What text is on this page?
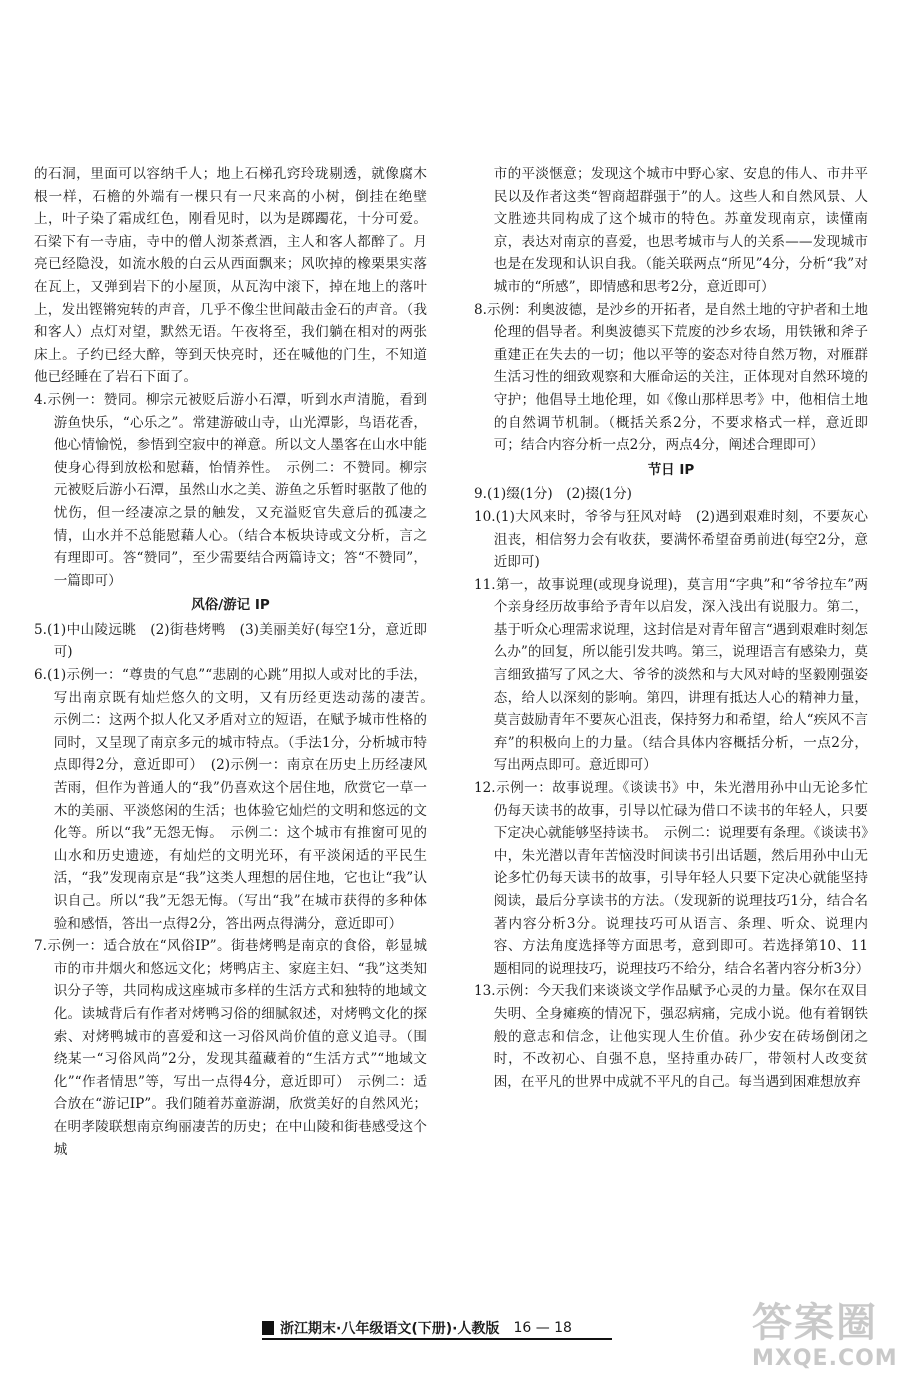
的石洞，里面可以容纳千人；地上石梯孔窍玲珑剔透，就像腐木根一样，石檐的外端有一棵只有一尺来高的小树，倒挂在绝壁上，叶子染了霜成红色，刚看见时，以为是踯躅花，十分可爱。石梁下有一寺庙，寺中的僧人沏茶煮酒，主人和客人都醉了。月亮已经隐没，如流水般的白云从西面飘来；风吹掉的橡栗果实落在瓦上，又弹到岩下的小屋顶，从瓦沟中滚下，掉在地上的落叶上，发出铿锵宛转的声音，几乎不像尘世间敲击金石的声音。（我和客人）点灯对望，默然无语。午夜将至，我们躺在相对的两张床上。子约已经大醉，等到天快亮时，还在喊他的门生，不知道他已经睡在了岩石下面了。

4.示例一：赞同。柳宗元被贬后游小石潭，听到水声清脆，看到游鱼快乐，“心乐之”。常建游破山寺，山光潭影，鸟语花香，他心情愉悦，参悟到空寂中的禅意。所以文人墨客在山水中能使身心得到放松和慰藉，怡情养性。　示例二：不赞同。柳宗元被贬后游小石潭，虽然山水之美、游鱼之乐暂时驱散了他的忧伤，但一经凄凉之景的触发，又充溢贬官失意后的孤凄之情，山水并不总能慰藉人心。（结合本板块诗或文分析，言之有理即可。答“赞同”，至少需要结合两篇诗文；答“不赞同”，一篇即可）

风俗/游记 IP

5.(1)中山陵远眺　(2)街巷烤鸭　(3)美丽美好(每空1分，意近即可)

6.(1)示例一：“尊贵的气息”“悲剧的心跳”用拟人或对比的手法，写出南京既有灿烂悠久的文明，又有历经更迭动荡的凄苦。　示例二：这两个拟人化又矛盾对立的短语，在赋予城市性格的同时，又呈现了南京多元的城市特点。（手法1分，分析城市特点即得2分，意近即可）　(2)示例一：南京在历史上历经凄风苦雨，但作为普通人的“我”仍喜欢这个居住地，欣赏它一草一木的美丽、平淡悠闲的生活；也体验它灿烂的文明和悠远的文化等。所以“我”无怨无悔。　示例二：这个城市有推窗可见的山水和历史遗迹，有灿烂的文明光环，有平淡闲适的平民生活，“我”发现南京是“我”这类人理想的居住地，它也让“我”认识自己。所以“我”无怨无悔。（写出“我”在城市获得的多种体验和感悟，答出一点得2分，答出两点得满分，意近即可）

7.示例一：适合放在“风俗IP”。街巷烤鸭是南京的食俗，彰显城市的市井烟火和悠远文化；烤鸭店主、家庭主妇、“我”这类知识分子等，共同构成这座城市多样的生活方式和独特的地域文化。读城背后有作者对烤鸭习俗的细腻叙述，对烤鸭文化的探索、对烤鸭城市的喜爱和这一习俗风尚价值的意义追寻。（围绕某一“习俗风尚”2分，发现其蕴藏着的“生活方式”“地域文化”“作者情思”等，写出一点得4分，意近即可）　示例二：适合放在“游记IP”。我们随着苏童游湖，欣赏美好的自然风光；在明孝陵联想南京绚丽凄苦的历史；在中山陵和街巷感受这个城

市的平淡惬意；发现这个城市中野心家、安息的伟人、市井平民以及作者这类“智商超群强于”的人。这些人和自然风景、人文胜迹共同构成了这个城市的特色。苏童发现南京，读懂南京，表达对南京的喜爱，也思考城市与人的关系——发现城市也是在发现和认识自我。（能关联两点“所见”4分，分析“我”对城市的“所感”，即情感和思考2分，意近即可）

8.示例：利奥波德，是沙乡的开拓者，是自然土地的守护者和土地伦理的倡导者。利奥波德买下荒废的沙乡农场，用铁锹和斧子重建正在失去的一切；他以平等的姿态对待自然万物，对雁群生活习性的细致观察和大雁命运的关注，正体现对自然环境的守护；他倡导土地伦理，如《像山那样思考》中，他相信土地的自然调节机制。（概括关系2分，不要求格式一样，意近即可；结合内容分析一点2分，两点4分，阐述合理即可）

节日 IP

9.(1)缀(1分)　(2)掇(1分)

10.(1)大风来时，爷爷与狂风对峙　(2)遇到艰难时刻，不要灰心沮丧，相信努力会有收获，要满怀希望奋勇前进(每空2分，意近即可)

11.第一，故事说理(或现身说理)，莫言用“字典”和“爷爷拉车”两个亲身经历故事给予青年以启发，深入浅出有说服力。第二，基于听众心理需求说理，这封信是对青年留言“遇到艰难时刻怎么办”的回复，所以能引发共鸣。第三，说理语言有感染力，莫言细致描写了风之大、爷爷的淡然和与大风对峙的坚毅刚强姿态，给人以深刻的影响。第四，讲理有抵达人心的精神力量，莫言鼓励青年不要灰心沮丧，保持努力和希望，给人“疾风不言弃”的积极向上的力量。（结合具体内容概括分析，一点2分，写出两点即可。意近即可）

12.示例一：故事说理。《谈读书》中，朱光潜用孙中山无论多忙仍每天读书的故事，引导以忙碌为借口不读书的年轻人，只要下定决心就能够坚持读书。　示例二：说理要有条理。《谈读书》中，朱光潜以青年苦恼没时间读书引出话题，然后用孙中山无论多忙仍每天读书的故事，引导年轻人只要下定决心就能坚持阅读，最后分享读书的方法。（发现新的说理技巧1分，结合名著内容分析3分。说理技巧可从语言、条理、听众、说理内容、方法角度选择等方面思考，意到即可。若选择第10、11题相同的说理技巧，说理技巧不给分，结合名著内容分析3分）

13.示例：今天我们来谈谈文学作品赋予心灵的力量。保尔在双目失明、全身瘫痪的情况下，强忍病痛，完成小说。他有着钢铁般的意志和信念，让他实现人生价值。孙少安在砖场倒闭之时，不改初心、自强不息，坚持重办砖厂，带领村人改变贫困，在平凡的世界中成就不平凡的自己。每当遇到困难想放弃

浙江期末·八年级语文(下册)·人教版 16 — 18	答案圈
MXQE.COM
